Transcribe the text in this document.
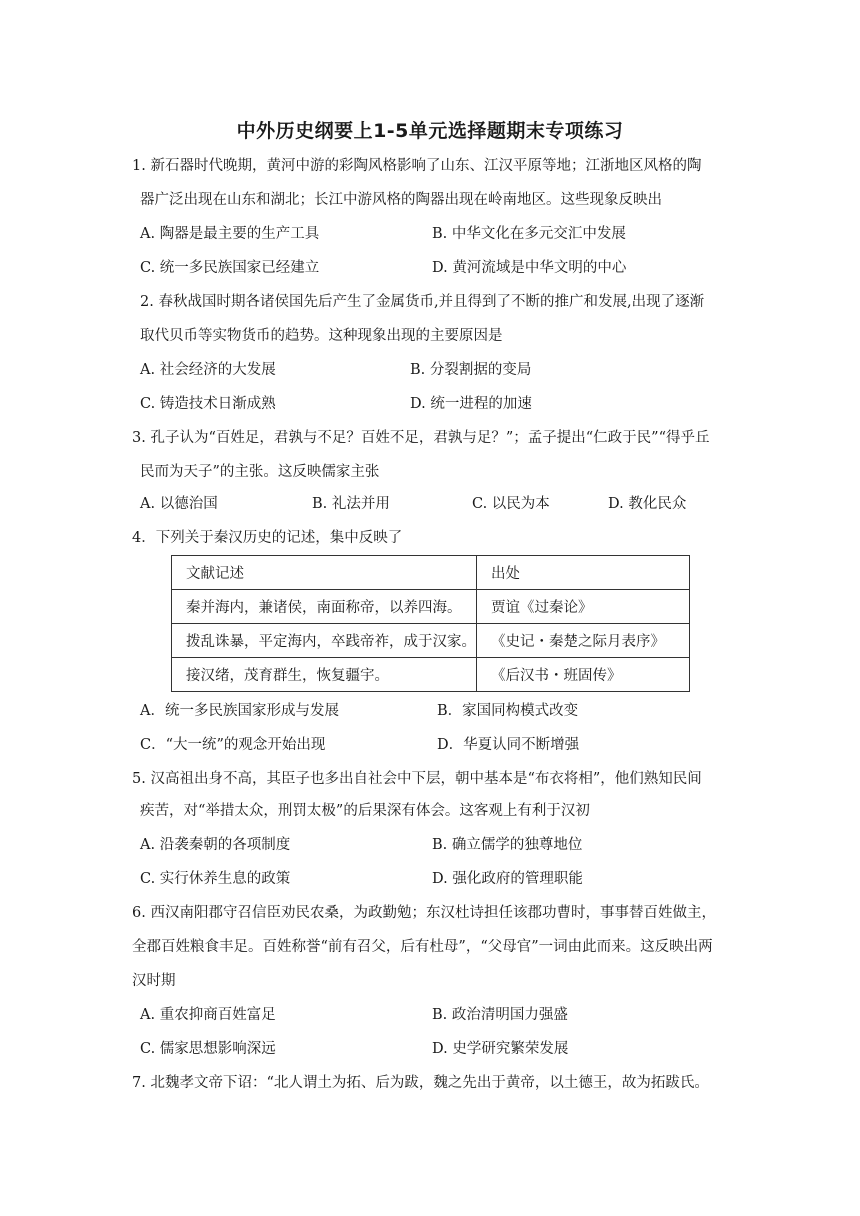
中外历史纲要上1-5单元选择题期末专项练习
1. 新石器时代晚期，黄河中游的彩陶风格影响了山东、江汉平原等地；江浙地区风格的陶
器广泛出现在山东和湖北；长江中游风格的陶器出现在岭南地区。这些现象反映出
A. 陶器是最主要的生产工具	B. 中华文化在多元交汇中发展
C. 统一多民族国家已经建立	D. 黄河流域是中华文明的中心
2. 春秋战国时期各诸侯国先后产生了金属货币,并且得到了不断的推广和发展,出现了逐渐
取代贝币等实物货币的趋势。这种现象出现的主要原因是
A. 社会经济的大发展	B. 分裂割据的变局
C. 铸造技术日渐成熟	D. 统一进程的加速
3. 孔子认为“百姓足，君孰与不足？百姓不足，君孰与足？”；孟子提出“仁政于民”“得乎丘
民而为天子”的主张。这反映儒家主张
A. 以德治国	B. 礼法并用	C. 以民为本	D. 教化民众
4．下列关于秦汉历史的记述，集中反映了
文献记述	出处
秦并海内，兼诸侯，南面称帝，以养四海。	贾谊《过秦论》
拨乱诛暴，平定海内，卒践帝祚，成于汉家。	《史记・秦楚之际月表序》
接汉绪，茂育群生，恢复疆宇。	《后汉书・班固传》
A．统一多民族国家形成与发展	B．家国同构模式改变
C．“大一统”的观念开始出现	D．华夏认同不断增强
5. 汉高祖出身不高，其臣子也多出自社会中下层，朝中基本是“布衣将相”，他们熟知民间
疾苦，对“举措太众，刑罚太极”的后果深有体会。这客观上有利于汉初
A. 沿袭秦朝的各项制度	B. 确立儒学的独尊地位
C. 实行休养生息的政策	D. 强化政府的管理职能
6. 西汉南阳郡守召信臣劝民农桑，为政勤勉；东汉杜诗担任该郡功曹时，事事替百姓做主，
全郡百姓粮食丰足。百姓称誉“前有召父，后有杜母”，“父母官”一词由此而来。这反映出两
汉时期
A. 重农抑商百姓富足	B. 政治清明国力强盛
C. 儒家思想影响深远	D. 史学研究繁荣发展
7. 北魏孝文帝下诏：“北人谓土为拓、后为跋，魏之先出于黄帝，以土德王，故为拓跋氏。
